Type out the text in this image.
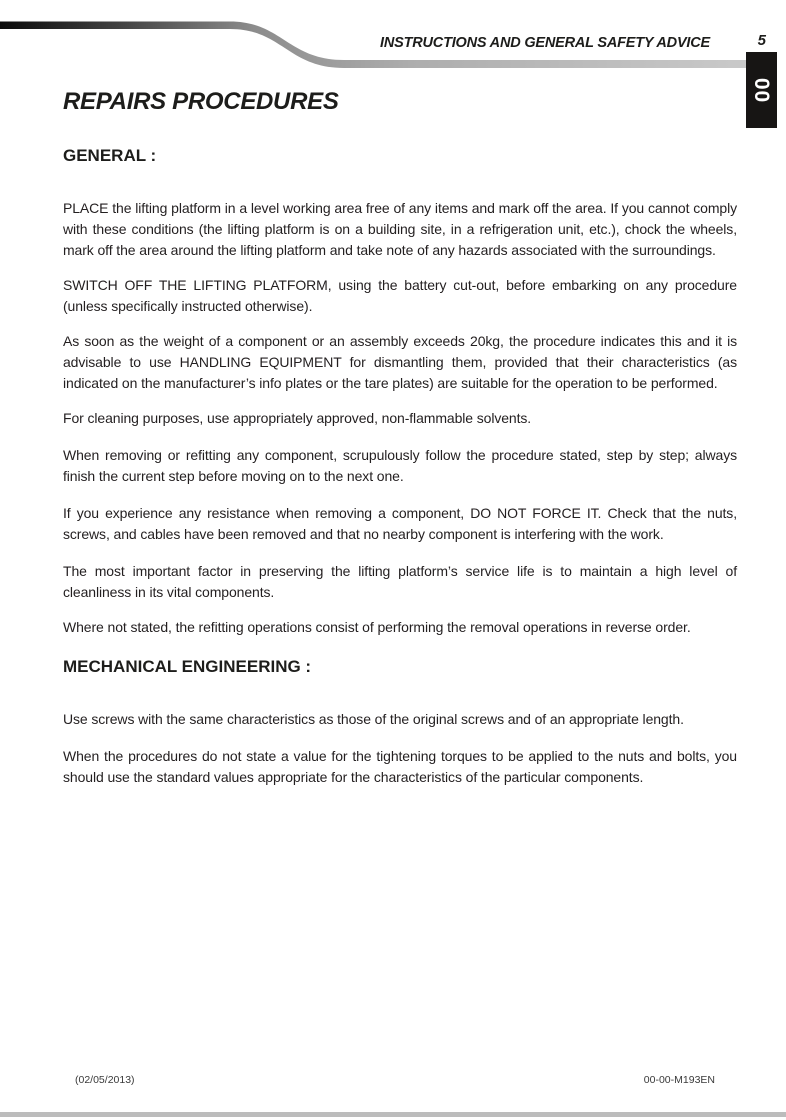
INSTRUCTIONS AND GENERAL SAFETY ADVICE	5
00
REPAIRS PROCEDURES
GENERAL :

PLACE the lifting platform in a level working area free of any items and mark off the area. If you cannot comply with these conditions (the lifting platform is on a building site, in a refrigeration unit, etc.), chock the wheels, mark off the area around the lifting platform and take note of any hazards associated with the surroundings.

SWITCH OFF THE LIFTING PLATFORM, using the battery cut-out, before embarking on any procedure (unless specifically instructed otherwise).

As soon as the weight of a component or an assembly exceeds 20kg, the procedure indicates this and it is advisable to use HANDLING EQUIPMENT for dismantling them, provided that their characteristics (as indicated on the manufacturer’s info plates or the tare plates) are suitable for the operation to be performed.

For cleaning purposes, use appropriately approved, non-flammable solvents.

When removing or refitting any component, scrupulously follow the procedure stated, step by step; always finish the current step before moving on to the next one.

If you experience any resistance when removing a component, DO NOT FORCE IT. Check that the nuts, screws, and cables have been removed and that no nearby component is interfering with the work.

The most important factor in preserving the lifting platform’s service life is to maintain a high level of cleanliness in its vital components.

Where not stated, the refitting operations consist of performing the removal operations in reverse order.

MECHANICAL ENGINEERING :

Use screws with the same characteristics as those of the original screws and of an appropriate length.

When the procedures do not state a value for the tightening torques to be applied to the nuts and bolts, you should use the standard values appropriate for the characteristics of the particular components.

(02/05/2013)	00-00-M193EN
